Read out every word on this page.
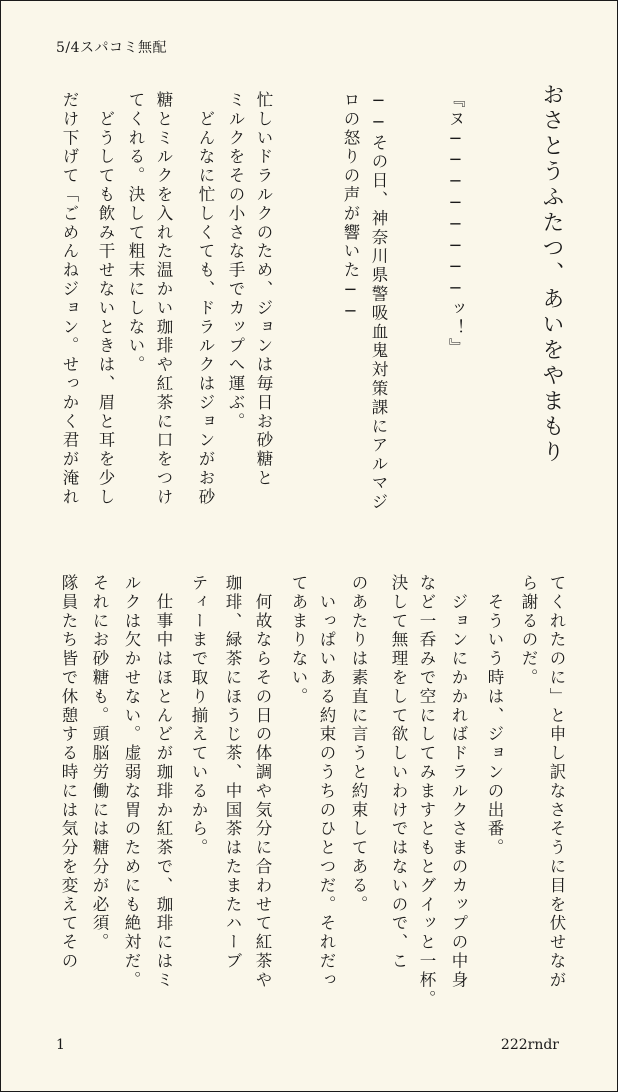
5/4スパコミ無配
おさとうふたつ、あいをやまもり
『ヌ────────ッ！』
──その日、神奈川県警吸血鬼対策課にアルマジ
ロの怒りの声が響いた──
忙しいドラルクのため、ジョンは毎日お砂糖と
ミルクをその小さな手でカップへ運ぶ。
　どんなに忙しくても、ドラルクはジョンがお砂
糖とミルクを入れた温かい珈琲や紅茶に口をつけ
てくれる。決して粗末にしない。
　どうしても飲み干せないときは、眉と耳を少し
だけ下げて「ごめんねジョン。せっかく君が淹れ
てくれたのに」と申し訳なさそうに目を伏せなが
ら謝るのだ。
　そういう時は、ジョンの出番。
　ジョンにかかればドラルクさまのカップの中身
など一呑みで空にしてみますともとグイッと一杯。
決して無理をして欲しいわけではないので、こ
のあたりは素直に言うと約束してある。
　いっぱいある約束のうちのひとつだ。それだっ
てあまりない。
　何故ならその日の体調や気分に合わせて紅茶や
珈琲、緑茶にほうじ茶、中国茶はたまたハーブ
ティーまで取り揃えているから。
　仕事中はほとんどが珈琲か紅茶で、珈琲にはミ
ルクは欠かせない。虚弱な胃のためにも絶対だ。
それにお砂糖も。頭脳労働には糖分が必須。
隊員たち皆で休憩する時には気分を変えてその
1	222rndr
